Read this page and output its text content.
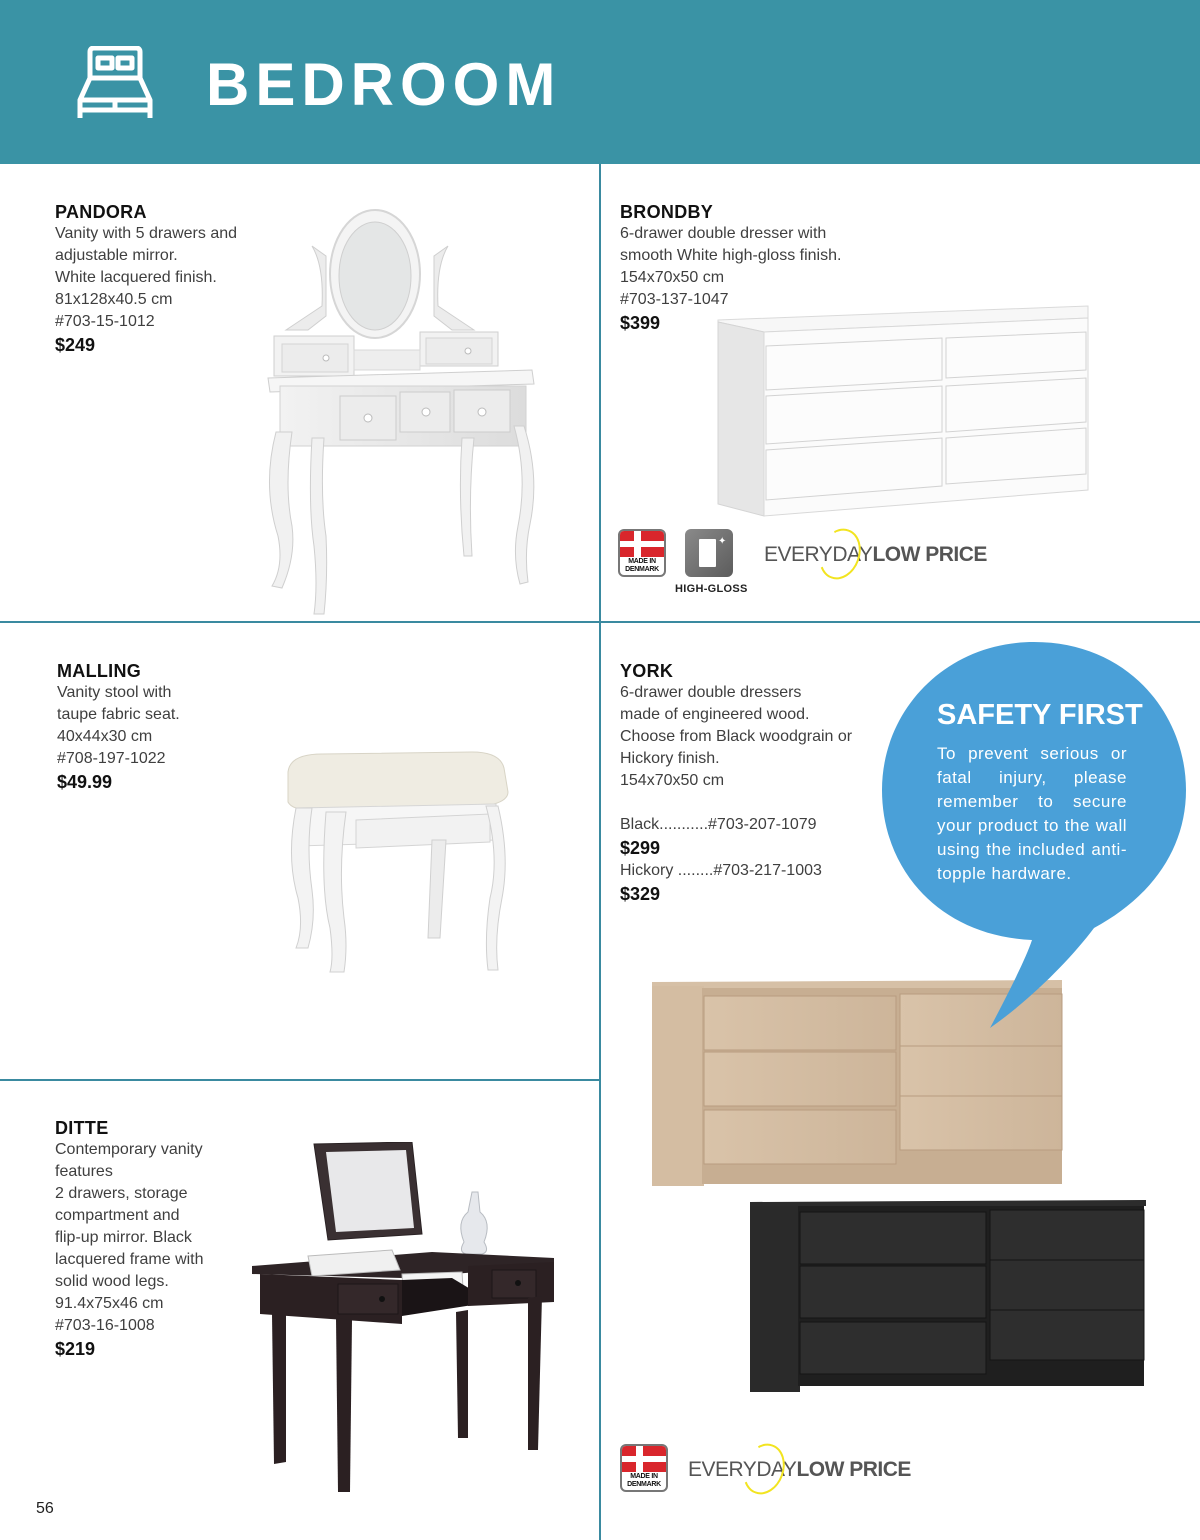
BEDROOM
PANDORA
Vanity with 5 drawers and
adjustable mirror.
White lacquered finish.
81x128x40.5 cm
#703-15-1012
$249
BRONDBY
6-drawer double dresser with
smooth White high-gloss finish.
154x70x50 cm
#703-137-1047
$399
MADE IN
DENMARK
✦
HIGH-GLOSS
EVERYDAYLOW PRICE
MALLING
Vanity stool with
taupe fabric seat.
40x44x30 cm
#708-197-1022
$49.99
YORK
6-drawer double dressers
made of engineered wood.
Choose from Black woodgrain or
Hickory finish.
154x70x50 cm
Black...........#703-207-1079
$299
Hickory ........#703-217-1003
$329
SAFETY FIRST
To prevent serious or fatal injury, please remember to secure your product to the wall using the included anti-topple hardware.
MADE IN
DENMARK
EVERYDAYLOW PRICE
DITTE
Contemporary vanity
features
2 drawers, storage
compartment and
flip-up mirror. Black
lacquered frame with
solid wood legs.
91.4x75x46 cm
#703-16-1008
$219
56
